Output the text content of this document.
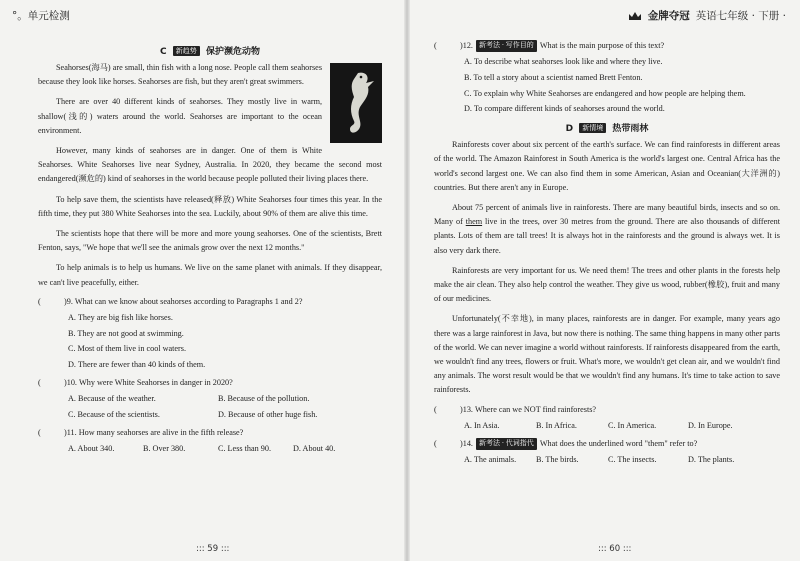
°。单元检测	金牌夺冠 英语七年级 · 下册 ·
C 新趋势 保护濒危动物

Seahorses(海马) are small, thin fish with a long nose. People call them seahorses because they look like horses. Seahorses are fish, but they aren't great swimmers.

There are over 40 different kinds of seahorses. They mostly live in warm, shallow(浅的) waters around the world. Seahorses are important to the ocean environment.

However, many kinds of seahorses are in danger. One of them is White Seahorses. White Seahorses live near Sydney, Australia. In 2020, they became the second most endangered(濒危的) kind of seahorses in the world because people polluted their living places there.

To help save them, the scientists have released(释放) White Seahorses four times this year. In the fifth time, they put 380 White Seahorses into the sea. Luckily, about 90% of them are alive this time.

The scientists hope that there will be more and more young seahorses. One of the scientists, Brett Fenton, says, "We hope that we'll see the animals grow over the next 12 months."

To help animals is to help us humans. We live on the same planet with animals. If they disappear, we can't live peacefully, either.

(	)9.
What can we know about seahorses according to Paragraphs 1 and 2?
A. They are big fish like horses.
B. They are not good at swimming.
C. Most of them live in cool waters.
D. There are fewer than 40 kinds of them.
(	)10.
Why were White Seahorses in danger in 2020?
A. Because of the weather.	B. Because of the pollution.
C. Because of the scientists.	D. Because of other huge fish.
(	)11.
How many seahorses are alive in the fifth release?
A. About 340.	B. Over 380.	C. Less than 90.	D. About 40.
(	)12. 新考法 · 写作目的 What is the main purpose of this text?
A. To describe what seahorses look like and where they live.
B. To tell a story about a scientist named Brett Fenton.
C. To explain why White Seahorses are endangered and how people are helping them.
D. To compare different kinds of seahorses around the world.
D 新情境 热带雨林

Rainforests cover about six percent of the earth's surface. We can find rainforests in different areas of the world. The Amazon Rainforest in South America is the world's largest one. Central Africa has the world's second largest one. We can also find them in some American, Asian and Oceanian(大洋洲的) countries. But there aren't any in Europe.

About 75 percent of animals live in rainforests. There are many beautiful birds, insects and so on. Many of them live in the trees, over 30 metres from the ground. There are also thousands of different plants. Lots of them are tall trees! It is always hot in the rainforests and the ground is always wet. It is also very dark there.

Rainforests are very important for us. We need them! The trees and other plants in the forests help make the air clean. They also help control the weather. They give us wood, rubber(橡胶), fruit and many of our medicines.

Unfortunately(不幸地), in many places, rainforests are in danger. For example, many years ago there was a large rainforest in Java, but now there is nothing. The same thing happens in many other parts of the world. We can never imagine a world without rainforests. If rainforests disappeared from the earth, we wouldn't find any trees, flowers or fruit. What's more, we wouldn't get clean air, and we wouldn't find any animals. The worst result would be that we wouldn't find any humans. It's time to take action to save rainforests.

(	)13.
Where can we NOT find rainforests?
A. In Asia.	B. In Africa.	C. In America.	D. In Europe.
(	)14. 新考法 · 代词指代 What does the underlined word "them" refer to?
A. The animals.	B. The birds.	C. The insects.	D. The plants.
::: 59 :::	::: 60 :::
